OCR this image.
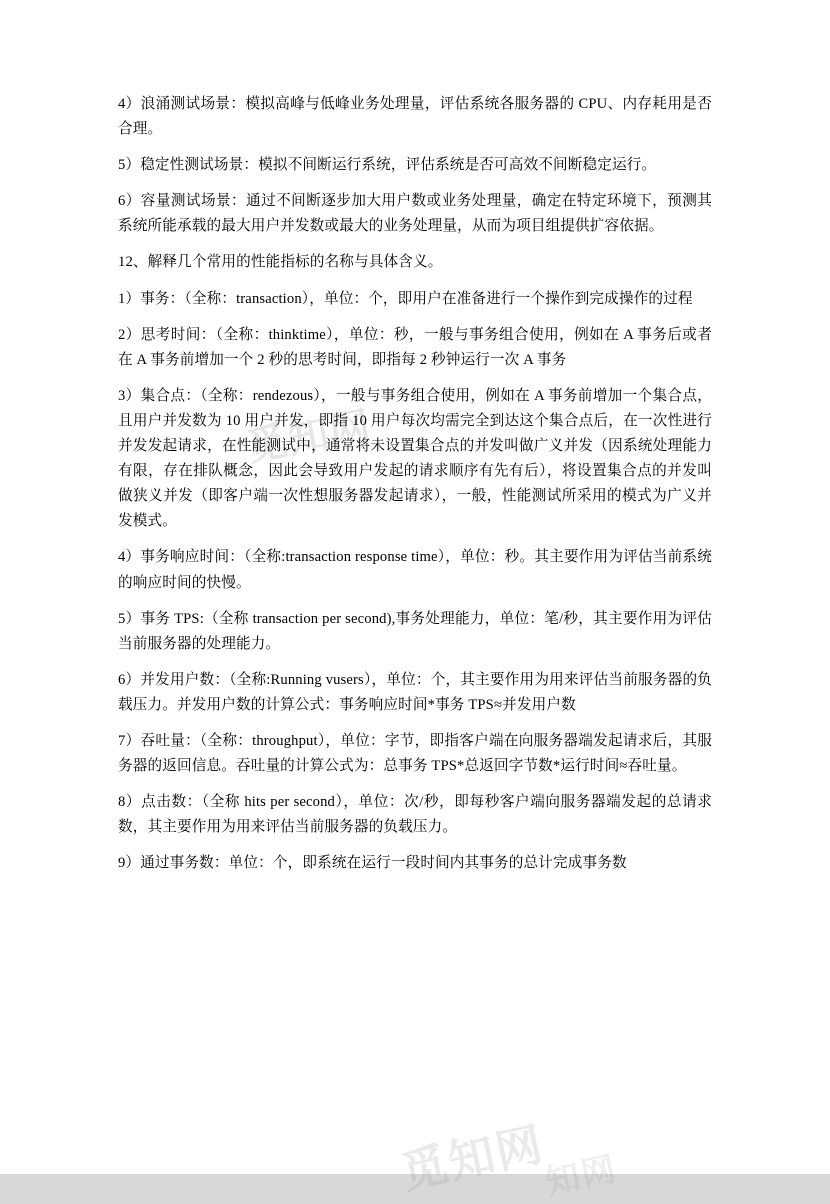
觅知网

4）浪涌测试场景：模拟高峰与低峰业务处理量，评估系统各服务器的 CPU、内存耗用是否合理。

5）稳定性测试场景：模拟不间断运行系统，评估系统是否可高效不间断稳定运行。

6）容量测试场景：通过不间断逐步加大用户数或业务处理量，确定在特定环境下，预测其系统所能承载的最大用户并发数或最大的业务处理量，从而为项目组提供扩容依据。

12、解释几个常用的性能指标的名称与具体含义。

1）事务：（全称：transaction），单位：个，即用户在准备进行一个操作到完成操作的过程

2）思考时间：（全称：thinktime），单位：秒，一般与事务组合使用，例如在 A 事务后或者在 A 事务前增加一个 2 秒的思考时间，即指每 2 秒钟运行一次 A 事务

3）集合点：（全称：rendezous），一般与事务组合使用，例如在 A 事务前增加一个集合点，且用户并发数为 10 用户并发，即指 10 用户每次均需完全到达这个集合点后，在一次性进行并发发起请求，在性能测试中，通常将未设置集合点的并发叫做广义并发（因系统处理能力有限，存在排队概念，因此会导致用户发起的请求顺序有先有后），将设置集合点的并发叫做狭义并发（即客户端一次性想服务器发起请求），一般，性能测试所采用的模式为广义并发模式。

4）事务响应时间：（全称:transaction response time），单位：秒。其主要作用为评估当前系统的响应时间的快慢。

5）事务 TPS:（全称 transaction per second),事务处理能力，单位：笔/秒，其主要作用为评估当前服务器的处理能力。

6）并发用户数：（全称:Running vusers），单位：个，其主要作用为用来评估当前服务器的负载压力。并发用户数的计算公式：事务响应时间*事务 TPS≈并发用户数

7）吞吐量：（全称：throughput），单位：字节，即指客户端在向服务器端发起请求后，其服务器的返回信息。吞吐量的计算公式为：总事务 TPS*总返回字节数*运行时间≈吞吐量。

8）点击数：（全称 hits per second），单位：次/秒，即每秒客户端向服务器端发起的总请求数，其主要作用为用来评估当前服务器的负载压力。

9）通过事务数：单位：个，即系统在运行一段时间内其事务的总计完成事务数

觅知网
知网
